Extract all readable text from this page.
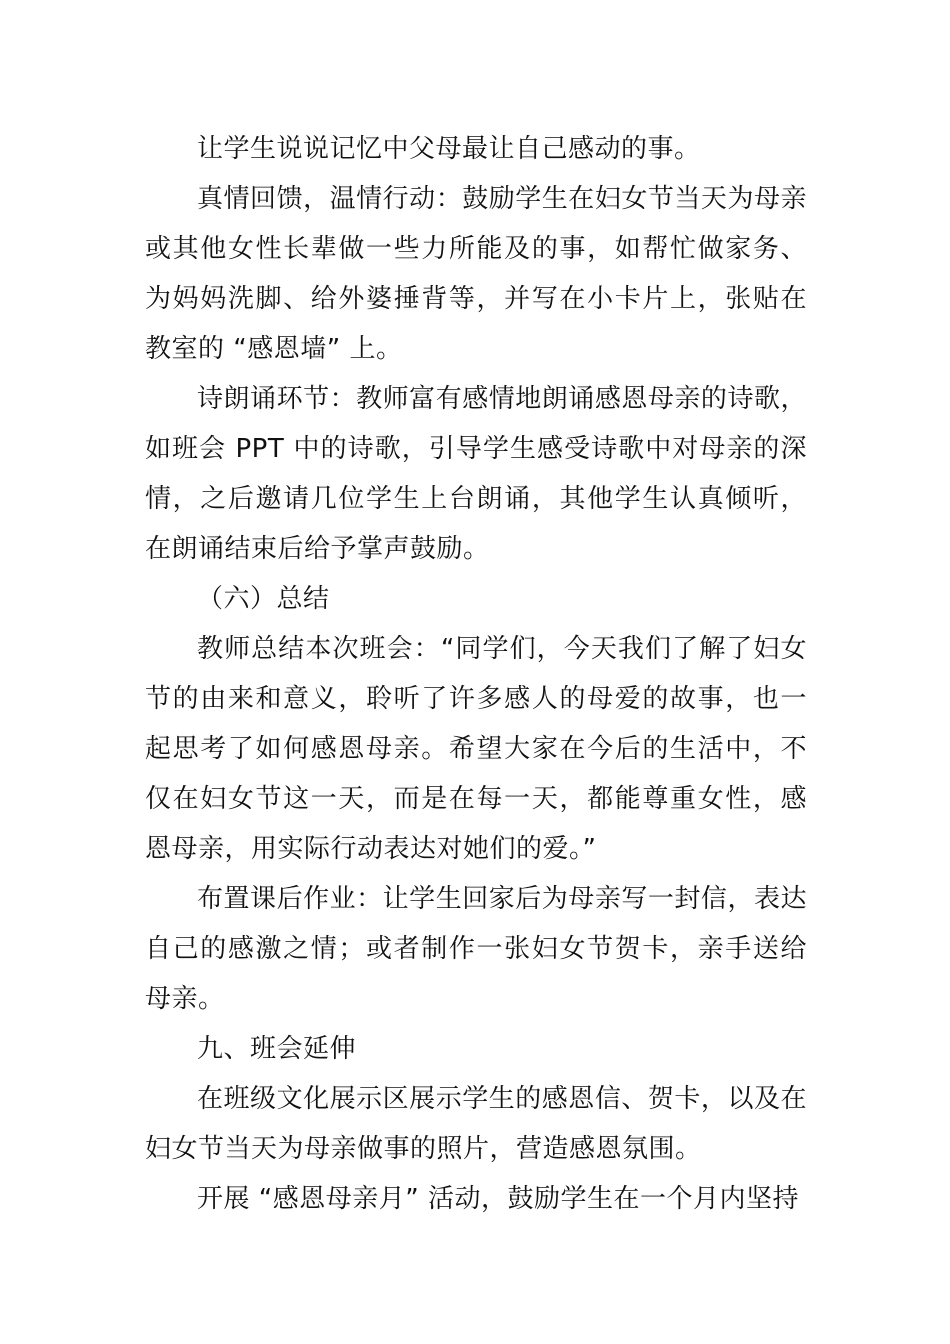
让学生说说记忆中父母最让自己感动的事。

真情回馈，温情行动：鼓励学生在妇女节当天为母亲或其他女性长辈做一些力所能及的事，如帮忙做家务、为妈妈洗脚、给外婆捶背等，并写在小卡片上，张贴在教室的 “感恩墙” 上。

诗朗诵环节：教师富有感情地朗诵感恩母亲的诗歌，如班会 PPT 中的诗歌，引导学生感受诗歌中对母亲的深情，之后邀请几位学生上台朗诵，其他学生认真倾听，在朗诵结束后给予掌声鼓励。

（六）总结

教师总结本次班会：“同学们，今天我们了解了妇女节的由来和意义，聆听了许多感人的母爱的故事，也一起思考了如何感恩母亲。希望大家在今后的生活中，不仅在妇女节这一天，而是在每一天，都能尊重女性，感恩母亲，用实际行动表达对她们的爱。”

布置课后作业：让学生回家后为母亲写一封信，表达自己的感激之情；或者制作一张妇女节贺卡，亲手送给母亲。

九、班会延伸

在班级文化展示区展示学生的感恩信、贺卡，以及在妇女节当天为母亲做事的照片，营造感恩氛围。

开展 “感恩母亲月” 活动，鼓励学生在一个月内坚持
